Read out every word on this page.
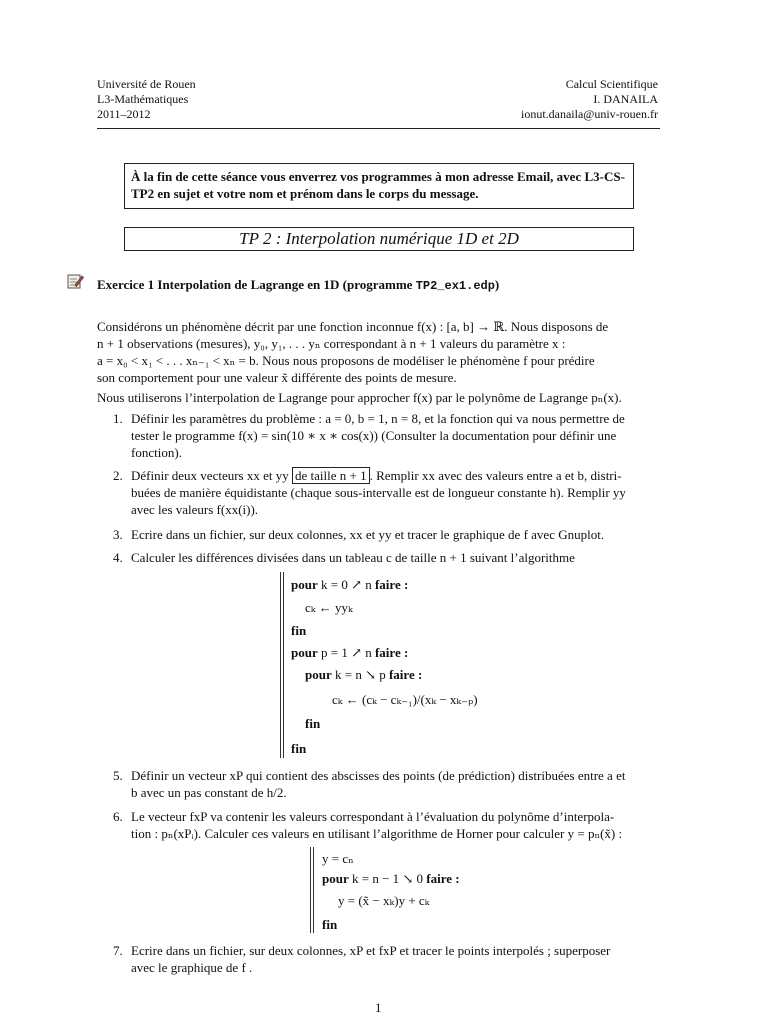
Université de Rouen
L3-Mathématiques
2011–2012
Calcul Scientifique
I. DANAILA
ionut.danaila@univ-rouen.fr
À la fin de cette séance vous enverrez vos programmes à mon adresse Email, avec L3-CS-TP2 en sujet et votre nom et prénom dans le corps du message.
TP 2 : Interpolation numérique 1D et 2D
Exercice 1 Interpolation de Lagrange en 1D (programme TP2_ex1.edp)
Considérons un phénomène décrit par une fonction inconnue f(x) : [a, b] → ℝ. Nous disposons de
n + 1 observations (mesures), y₀, y₁, . . . yₙ correspondant à n + 1 valeurs du paramètre x :
a = x₀ < x₁ < . . . xₙ₋₁ < xₙ = b. Nous nous proposons de modéliser le phénomène f pour prédire
son comportement pour une valeur x̃ différente des points de mesure.
Nous utiliserons l’interpolation de Lagrange pour approcher f(x) par le polynôme de Lagrange pₙ(x).
1. Définir les paramètres du problème : a = 0, b = 1, n = 8, et la fonction qui va nous permettre de
tester le programme f(x) = sin(10 ∗ x ∗ cos(x)) (Consulter la documentation pour définir une
fonction).
2. Définir deux vecteurs xx et yy de taille n + 1 . Remplir xx avec des valeurs entre a et b, distri-
buées de manière équidistante (chaque sous-intervalle est de longueur constante h). Remplir yy
avec les valeurs f(xx(i)).
3. Ecrire dans un fichier, sur deux colonnes, xx et yy et tracer le graphique de f avec Gnuplot.
4. Calculer les différences divisées dans un tableau c de taille n + 1 suivant l’algorithme
pour k = 0 ↗ n faire :
cₖ ← yyₖ
fin
pour p = 1 ↗ n faire :
pour k = n ↘ p faire :
cₖ ← (cₖ − cₖ₋₁)/(xₖ − xₖ₋ₚ)
fin
fin
5. Définir un vecteur xP qui contient des abscisses des points (de prédiction) distribuées entre a et
b avec un pas constant de h/2.
6. Le vecteur fxP va contenir les valeurs correspondant à l’évaluation du polynôme d’interpola-
tion : pₙ(xPᵢ). Calculer ces valeurs en utilisant l’algorithme de Horner pour calculer y = pₙ(x̃) :
y = cₙ
pour k = n − 1 ↘ 0 faire :
y = (x̃ − xₖ)y + cₖ
fin
7. Ecrire dans un fichier, sur deux colonnes, xP et fxP et tracer le points interpolés ; superposer
avec le graphique de f .
1
